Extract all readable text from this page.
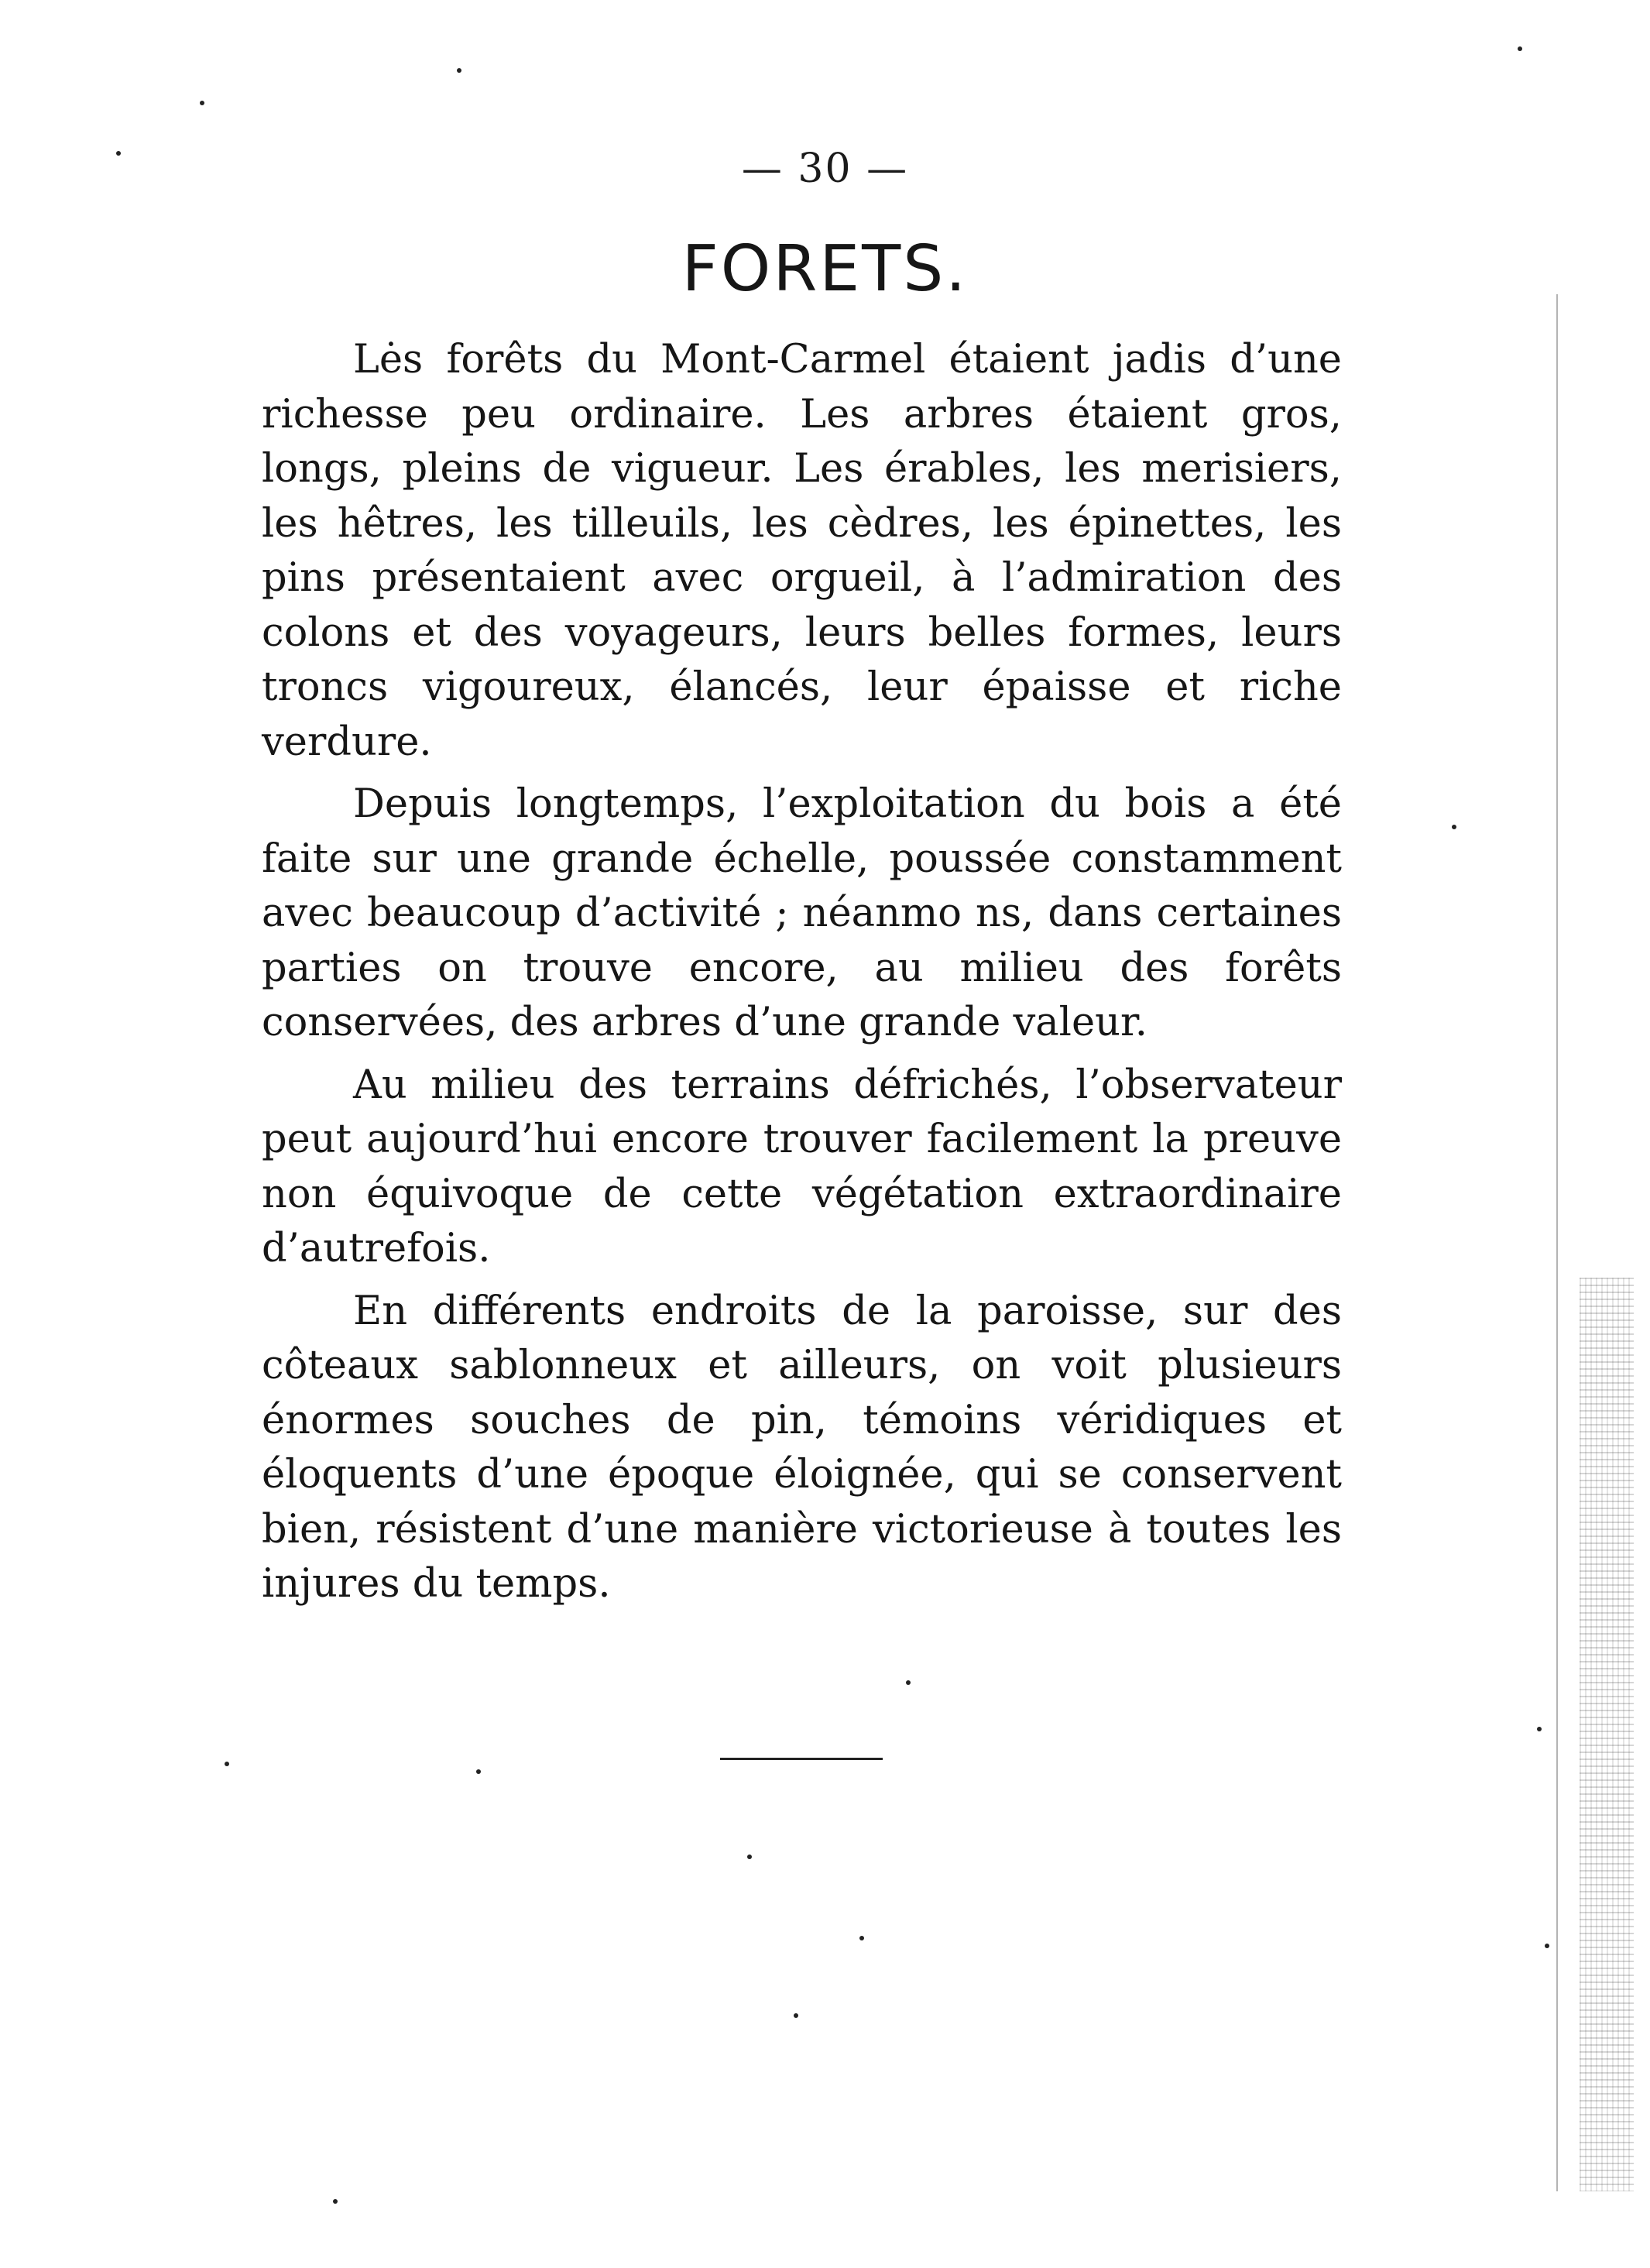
— 30 —
FORETS.

Lės forêts du Mont-Carmel étaient jadis d’une richesse peu ordinaire. Les arbres étaient gros, longs, pleins de vigueur. Les érables, les merisiers, les hêtres, les tilleuils, les cèdres, les épinettes, les pins présentaient avec orgueil, à l’admiration des colons et des voyageurs, leurs belles formes, leurs troncs vigoureux, élancés, leur épaisse et riche verdure.

Depuis longtemps, l’exploitation du bois a été faite sur une grande échelle, poussée constamment avec beaucoup d’activité ; néanmo ns, dans certaines parties on trouve encore, au milieu des forêts conservées, des arbres d’une grande valeur.

Au milieu des terrains défrichés, l’observateur peut aujourd’hui encore trouver facilement la preuve non équivoque de cette végétation extraordinaire d’autrefois.

En différents endroits de la paroisse, sur des côteaux sablonneux et ailleurs, on voit plusieurs énormes souches de pin, témoins véridiques et éloquents d’une époque éloignée, qui se conservent bien, résistent d’une manière victorieuse à toutes les injures du temps.
